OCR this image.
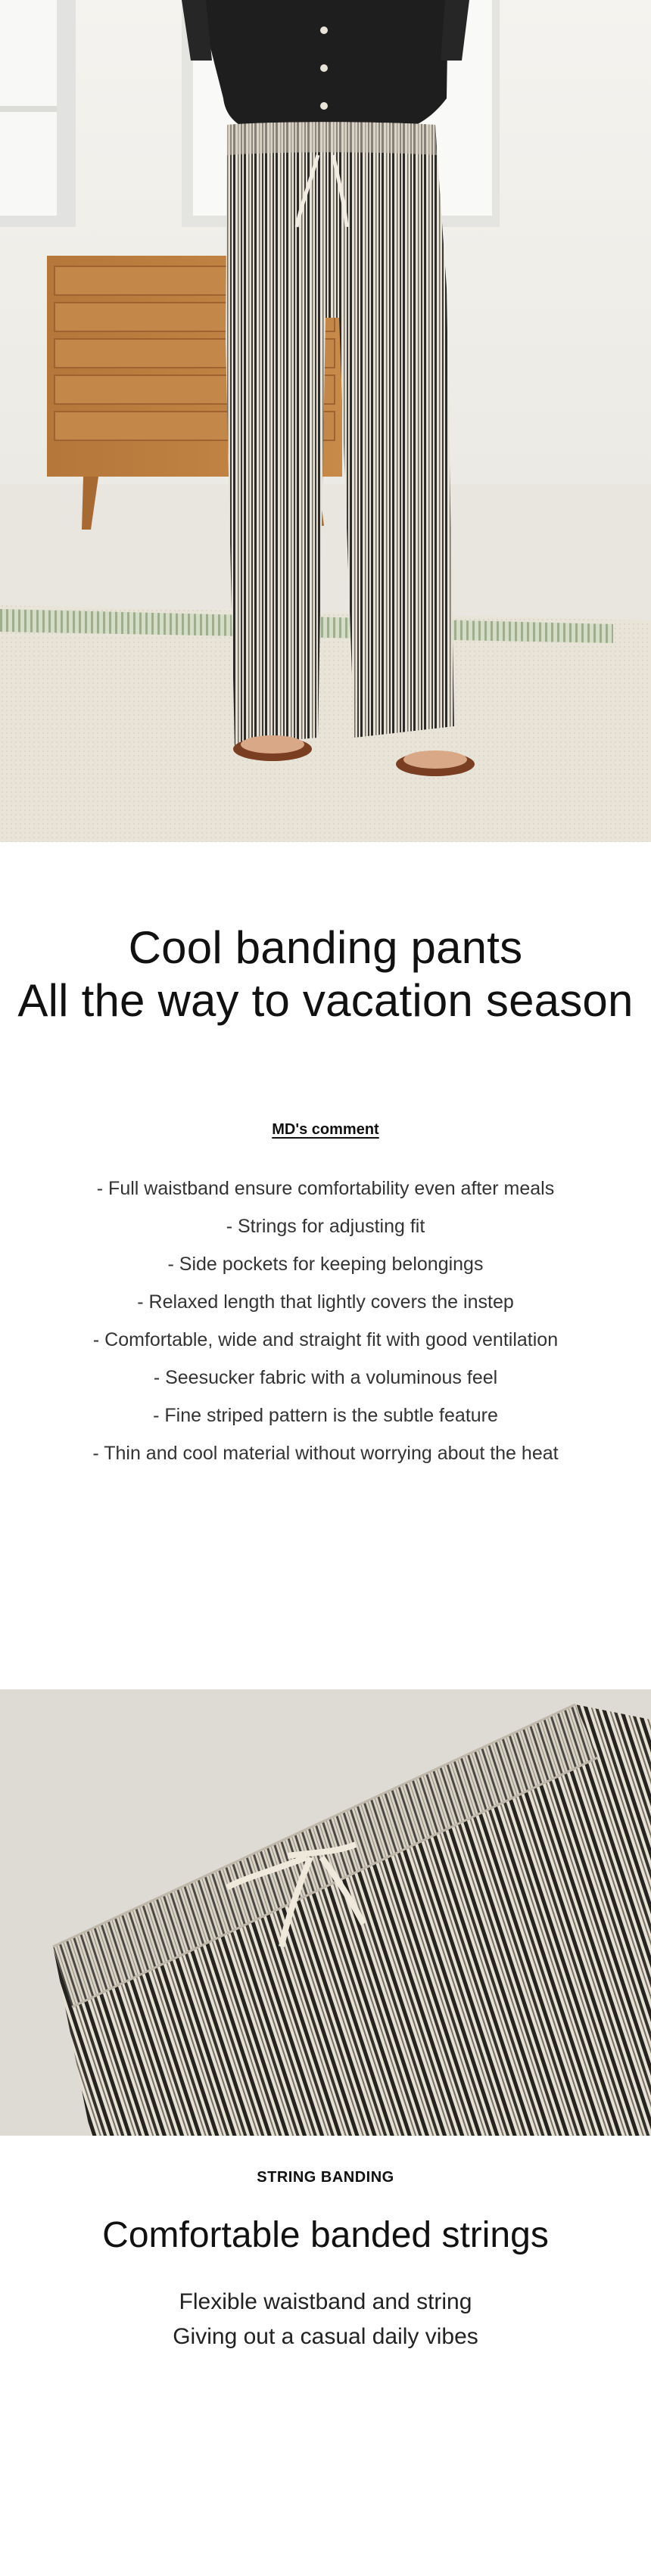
Cool banding pants
All the way to vacation season
MD's comment
- Full waistband ensure comfortability even after meals
- Strings for adjusting fit
- Side pockets for keeping belongings
- Relaxed length that lightly covers the instep
- Comfortable, wide and straight fit with good ventilation
- Seesucker fabric with a voluminous feel
- Fine striped pattern is the subtle feature
- Thin and cool material without worrying about the heat
STRING BANDING
Comfortable banded strings
Flexible waistband and string
Giving out a casual daily vibes
